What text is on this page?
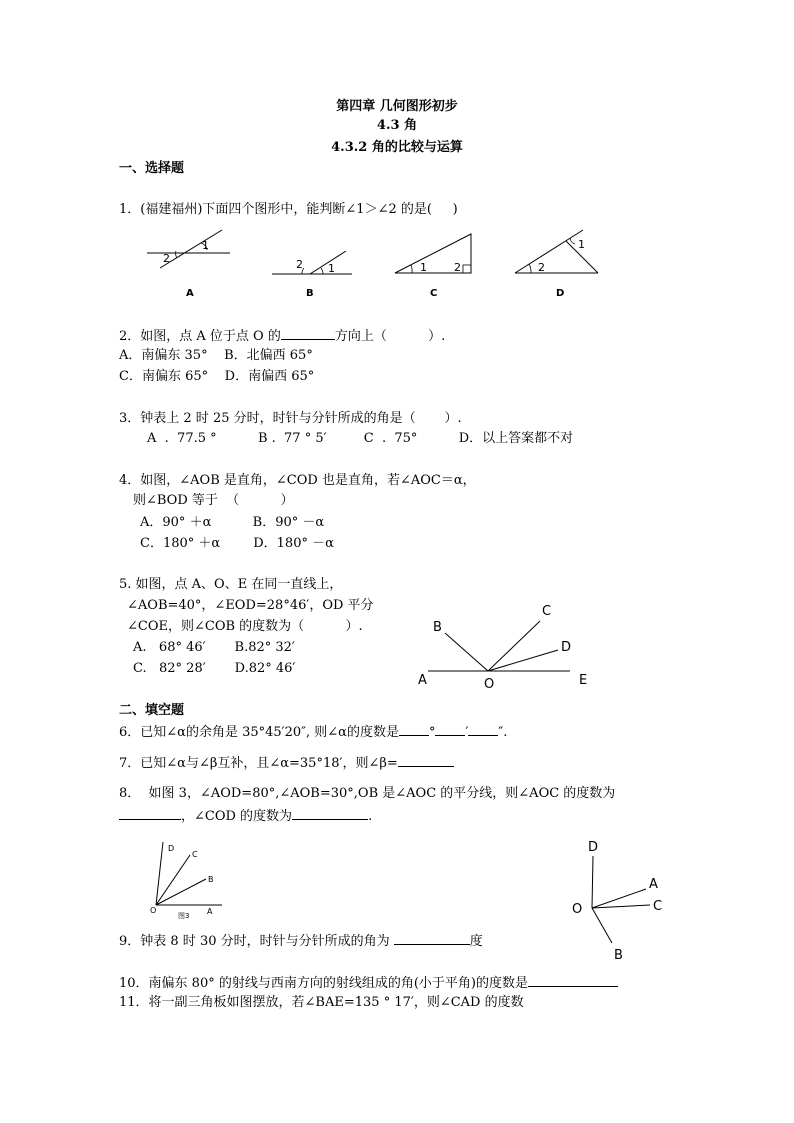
第四章 几何图形初步
4.3 角
4.3.2 角的比较与运算
一、选择题
1．(福建福州)下面四个图形中，能判断∠1＞∠2 的是(     )
1
2
A
1
2
B
1 2
C
2
1
D
2．如图，点 A 位于点 O 的	方向上（          ）.
A．南偏东 35°    B．北偏西 65°
C．南偏东 65°    D．南偏西 65°
3．钟表上 2 时 25 分时，时针与分针所成的角是（       ）.
A  .  77.5 °          B .  77 ° 5′         C  .  75°          D．以上答案都不对
4．如图，∠AOB 是直角，∠COD 也是直角，若∠AOC＝α，
则∠BOD 等于  （          ）
A．90° ＋α          B．90° －α
C．180° ＋α        D．180° －α
5. 如图，点 A、O、E 在同一直线上，
∠AOB=40°，∠EOD=28°46′，OD 平分
∠COE，则∠COB 的度数为（          ）.
A.   68° 46′       B.82° 32′
C.   82° 28′       D.82° 46′
B
C
D
A	O	E
二、填空题
6．已知∠α的余角是 35°45′20″, 则∠α的度数是 ° ′ ″.
7．已知∠α与∠β互补，且∠α=35°18′，则∠β=
8．  如图 3，∠AOD=80°,∠AOB=30°,OB 是∠AOC 的平分线，则∠AOC 的度数为
，∠COD 的度数为	.
D
C
B
O	A
图3
D
A
C
O
B
9．钟表 8 时 30 分时，时针与分针所成的角为	度
10．南偏东 80° 的射线与西南方向的射线组成的角(小于平角)的度数是
11．将一副三角板如图摆放，若∠BAE=135 ° 17′，则∠CAD 的度数
